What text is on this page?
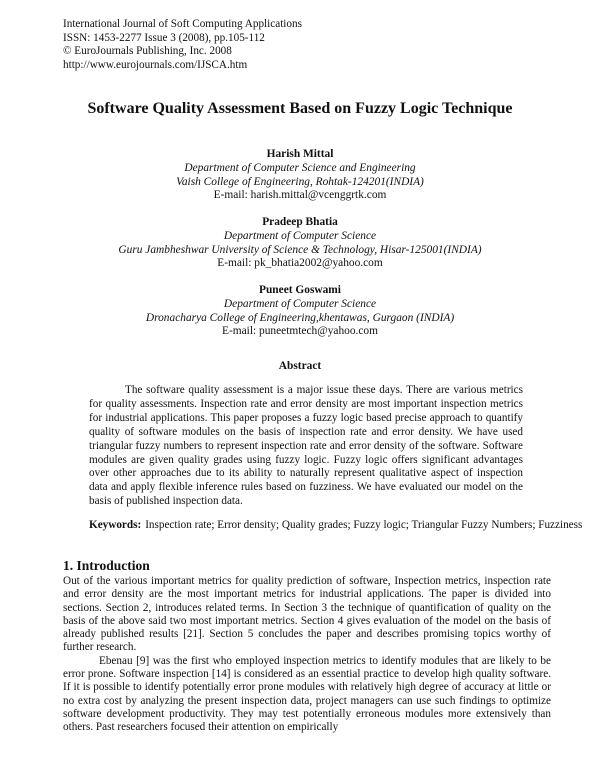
International Journal of Soft Computing Applications
ISSN: 1453-2277 Issue 3 (2008), pp.105-112
© EuroJournals Publishing, Inc. 2008
http://www.eurojournals.com/IJSCA.htm
Software Quality Assessment Based on Fuzzy Logic Technique
Harish Mittal
Department of Computer Science and Engineering
Vaish College of Engineering, Rohtak-124201(INDIA)
E-mail: harish.mittal@vcenggrtk.com
Pradeep Bhatia
Department of Computer Science
Guru Jambheshwar University of Science & Technology, Hisar-125001(INDIA)
E-mail: pk_bhatia2002@yahoo.com
Puneet Goswami
Department of Computer Science
Dronacharya College of Engineering,khentawas, Gurgaon (INDIA)
E-mail: puneetmtech@yahoo.com
Abstract
The software quality assessment is a major issue these days. There are various metrics for quality assessments. Inspection rate and error density are most important inspection metrics for industrial applications. This paper proposes a fuzzy logic based precise approach to quantify quality of software modules on the basis of inspection rate and error density. We have used triangular fuzzy numbers to represent inspection rate and error density of the software. Software modules are given quality grades using fuzzy logic. Fuzzy logic offers significant advantages over other approaches due to its ability to naturally represent qualitative aspect of inspection data and apply flexible inference rules based on fuzziness. We have evaluated our model on the basis of published inspection data.
Keywords: Inspection rate; Error density; Quality grades; Fuzzy logic; Triangular Fuzzy Numbers; Fuzziness
1. Introduction

Out of the various important metrics for quality prediction of software, Inspection metrics, inspection rate and error density are the most important metrics for industrial applications. The paper is divided into sections. Section 2, introduces related terms. In Section 3 the technique of quantification of quality on the basis of the above said two most important metrics. Section 4 gives evaluation of the model on the basis of already published results [21]. Section 5 concludes the paper and describes promising topics worthy of further research.

Ebenau [9] was the first who employed inspection metrics to identify modules that are likely to be error prone. Software inspection [14] is considered as an essential practice to develop high quality software. If it is possible to identify potentially error prone modules with relatively high degree of accuracy at little or no extra cost by analyzing the present inspection data, project managers can use such findings to optimize software development productivity. They may test potentially erroneous modules more extensively than others. Past researchers focused their attention on empirically
